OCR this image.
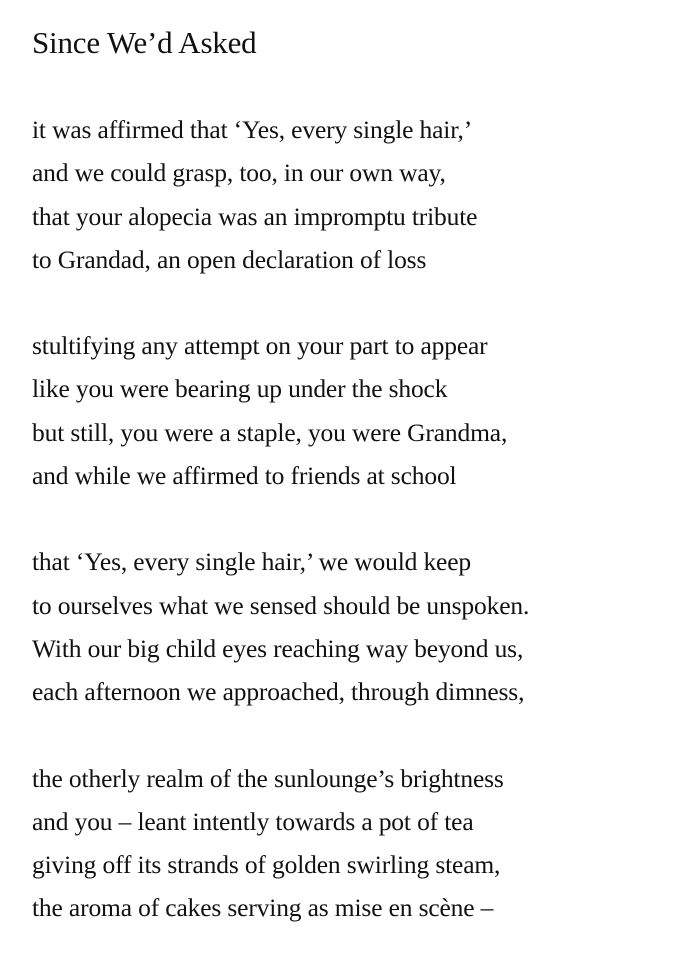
Since We’d Asked
it was affirmed that ‘Yes, every single hair,’
and we could grasp, too, in our own way,
that your alopecia was an impromptu tribute
to Grandad, an open declaration of loss
stultifying any attempt on your part to appear
like you were bearing up under the shock
but still, you were a staple, you were Grandma,
and while we affirmed to friends at school
that ‘Yes, every single hair,’ we would keep
to ourselves what we sensed should be unspoken.
With our big child eyes reaching way beyond us,
each afternoon we approached, through dimness,
the otherly realm of the sunlounge’s brightness
and you – leant intently towards a pot of tea
giving off its strands of golden swirling steam,
the aroma of cakes serving as mise en scène –
